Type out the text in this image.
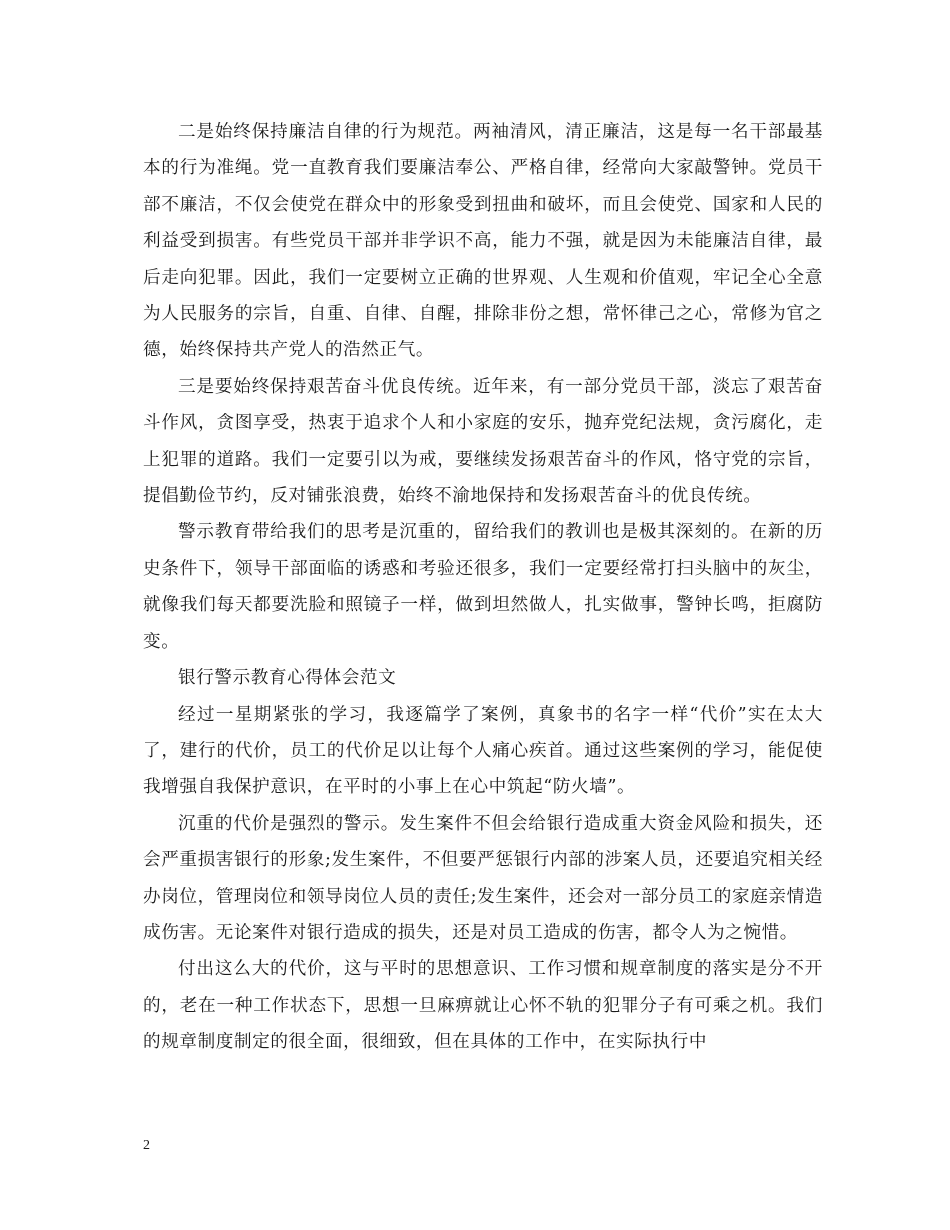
二是始终保持廉洁自律的行为规范。两袖清风，清正廉洁，这是每一名干部最基本的行为准绳。党一直教育我们要廉洁奉公、严格自律，经常向大家敲警钟。党员干部不廉洁，不仅会使党在群众中的形象受到扭曲和破坏，而且会使党、国家和人民的利益受到损害。有些党员干部并非学识不高，能力不强，就是因为未能廉洁自律，最后走向犯罪。因此，我们一定要树立正确的世界观、人生观和价值观，牢记全心全意为人民服务的宗旨，自重、自律、自醒，排除非份之想，常怀律己之心，常修为官之德，始终保持共产党人的浩然正气。

三是要始终保持艰苦奋斗优良传统。近年来，有一部分党员干部，淡忘了艰苦奋斗作风，贪图享受，热衷于追求个人和小家庭的安乐，抛弃党纪法规，贪污腐化，走上犯罪的道路。我们一定要引以为戒，要继续发扬艰苦奋斗的作风，恪守党的宗旨，提倡勤俭节约，反对铺张浪费，始终不渝地保持和发扬艰苦奋斗的优良传统。

警示教育带给我们的思考是沉重的，留给我们的教训也是极其深刻的。在新的历史条件下，领导干部面临的诱惑和考验还很多，我们一定要经常打扫头脑中的灰尘，就像我们每天都要洗脸和照镜子一样，做到坦然做人，扎实做事，警钟长鸣，拒腐防变。

银行警示教育心得体会范文

经过一星期紧张的学习，我逐篇学了案例，真象书的名字一样“代价”实在太大了，建行的代价，员工的代价足以让每个人痛心疾首。通过这些案例的学习，能促使我增强自我保护意识，在平时的小事上在心中筑起“防火墙”。

沉重的代价是强烈的警示。发生案件不但会给银行造成重大资金风险和损失，还会严重损害银行的形象;发生案件，不但要严惩银行内部的涉案人员，还要追究相关经办岗位，管理岗位和领导岗位人员的责任;发生案件，还会对一部分员工的家庭亲情造成伤害。无论案件对银行造成的损失，还是对员工造成的伤害，都令人为之惋惜。

付出这么大的代价，这与平时的思想意识、工作习惯和规章制度的落实是分不开的，老在一种工作状态下，思想一旦麻痹就让心怀不轨的犯罪分子有可乘之机。我们的规章制度制定的很全面，很细致，但在具体的工作中，在实际执行中

2
